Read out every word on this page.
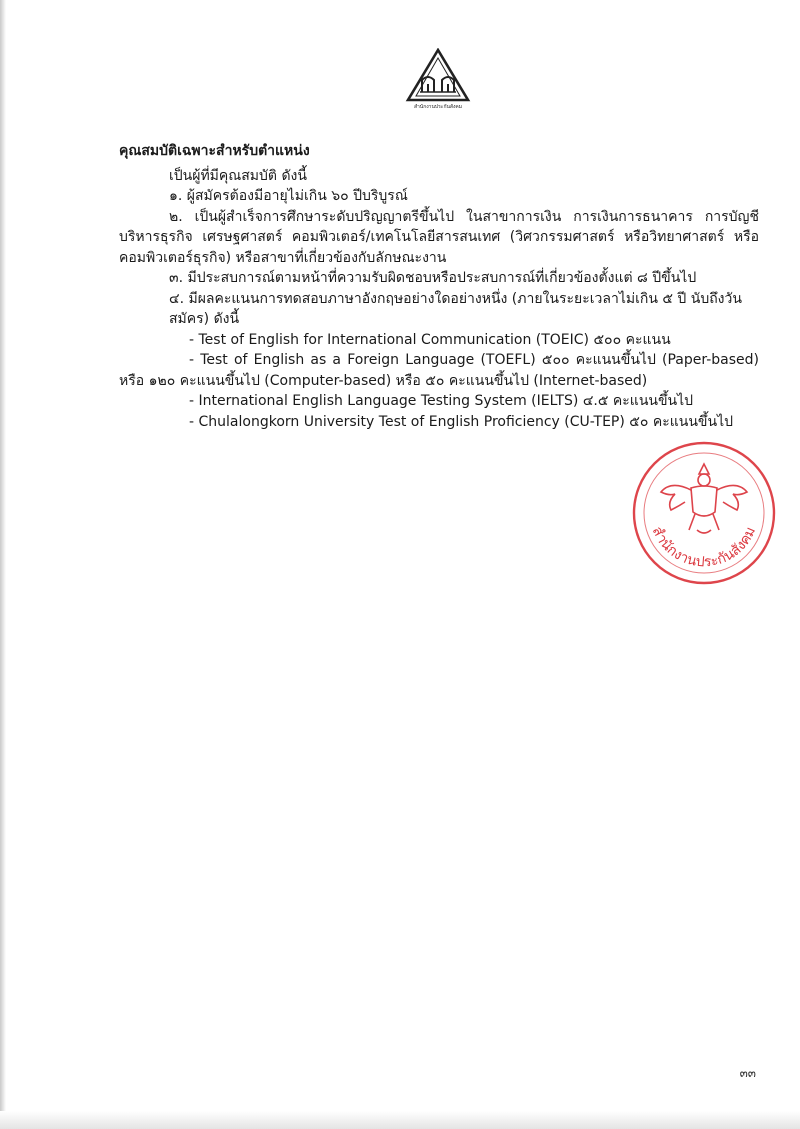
สำนักงานประกันสังคม

คุณสมบัติเฉพาะสำหรับตำแหน่ง

เป็นผู้ที่มีคุณสมบัติ ดังนี้

๑. ผู้สมัครต้องมีอายุไม่เกิน ๖๐ ปีบริบูรณ์

๒. เป็นผู้สำเร็จการศึกษาระดับปริญญาตรีขึ้นไป ในสาขาการเงิน การเงินการธนาคาร การบัญชี บริหารธุรกิจ เศรษฐศาสตร์ คอมพิวเตอร์/เทคโนโลยีสารสนเทศ (วิศวกรรมศาสตร์ หรือวิทยาศาสตร์ หรือคอมพิวเตอร์ธุรกิจ) หรือสาขาที่เกี่ยวข้องกับลักษณะงาน

๓. มีประสบการณ์ตามหน้าที่ความรับผิดชอบหรือประสบการณ์ที่เกี่ยวข้องตั้งแต่ ๘ ปีขึ้นไป

๔. มีผลคะแนนการทดสอบภาษาอังกฤษอย่างใดอย่างหนึ่ง (ภายในระยะเวลาไม่เกิน ๕ ปี นับถึงวันสมัคร) ดังนี้

- Test of English for International Communication (TOEIC) ๕๐๐ คะแนน

- Test of English as a Foreign Language (TOEFL) ๕๐๐ คะแนนขึ้นไป (Paper-based) หรือ ๑๒๐ คะแนนขึ้นไป (Computer-based) หรือ ๕๐ คะแนนขึ้นไป (Internet-based)

- International English Language Testing System (IELTS) ๔.๕ คะแนนขึ้นไป

- Chulalongkorn University Test of English Proficiency (CU-TEP) ๕๐ คะแนนขึ้นไป

สำนักงานประกันสังคม
๓๓
